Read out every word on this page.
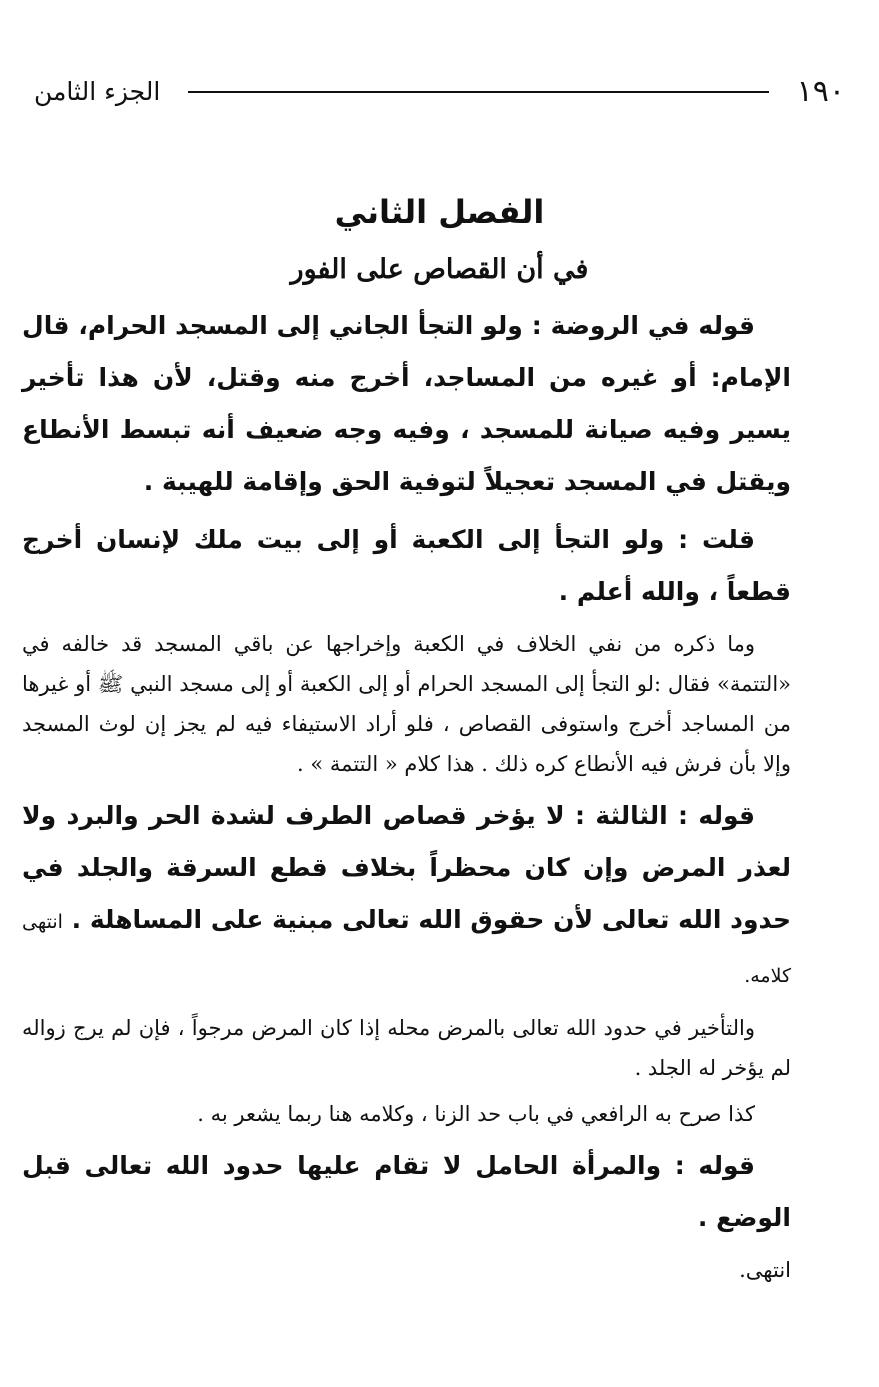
١٩٠
الجزء الثامن
الفصل الثاني
في أن القصاص على الفور

قوله في الروضة : ولو التجأ الجاني إلى المسجد الحرام، قال الإمام: أو غيره من المساجد، أخرج منه وقتل، لأن هذا تأخير يسير وفيه صيانة للمسجد ، وفيه وجه ضعيف أنه تبسط الأنطاع ويقتل في المسجد تعجيلاً لتوفية الحق وإقامة للهيبة .

قلت : ولو التجأ إلى الكعبة أو إلى بيت ملك لإنسان أخرج قطعاً ، والله أعلم .

وما ذكره من نفي الخلاف في الكعبة وإخراجها عن باقي المسجد قد خالفه في «التتمة» فقال :لو التجأ إلى المسجد الحرام أو إلى الكعبة أو إلى مسجد النبي ﷺ أو غيرها من المساجد أخرج واستوفى القصاص ، فلو أراد الاستيفاء فيه لم يجز إن لوث المسجد وإلا بأن فرش فيه الأنطاع كره ذلك . هذا كلام « التتمة » .

قوله : الثالثة : لا يؤخر قصاص الطرف لشدة الحر والبرد ولا لعذر المرض وإن كان محظراً بخلاف قطع السرقة والجلد في حدود الله تعالى لأن حقوق الله تعالى مبنية على المساهلة . انتهى كلامه.

والتأخير في حدود الله تعالى بالمرض محله إذا كان المرض مرجواً ، فإن لم يرج زواله لم يؤخر له الجلد .

كذا صرح به الرافعي في باب حد الزنا ، وكلامه هنا ربما يشعر به .

قوله : والمرأة الحامل لا تقام عليها حدود الله تعالى قبل الوضع .

انتهى.
